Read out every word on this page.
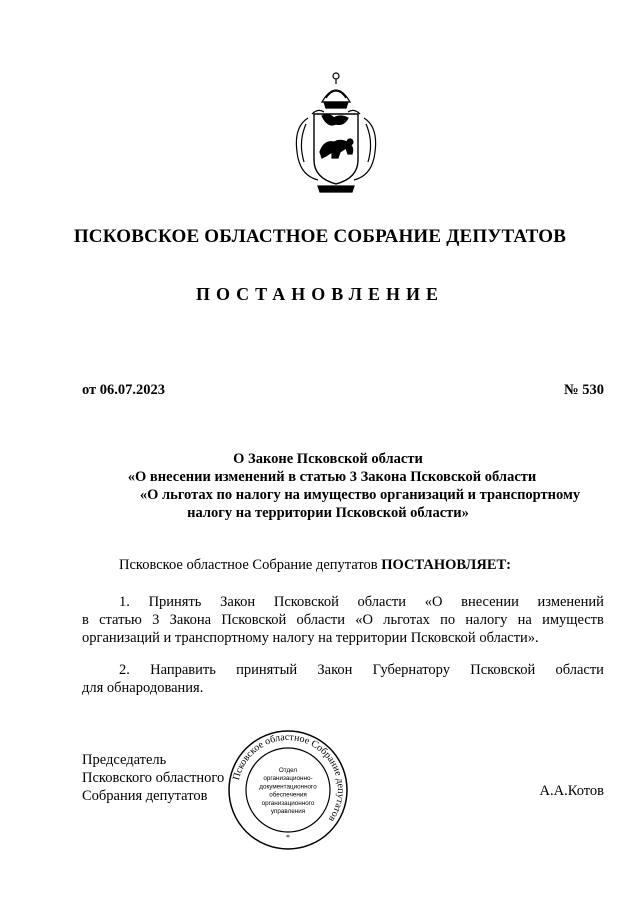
ПСКОВСКОЕ ОБЛАСТНОЕ СОБРАНИЕ ДЕПУТАТОВ
ПОСТАНОВЛЕНИЕ
от 06.07.2023	№ 530
О Законе Псковской области
«О внесении изменений в статью 3 Закона Псковской области
«О льготах по налогу на имущество организаций и транспортному
налогу на территории Псковской области»
Псковское областное Собрание депутатов ПОСТАНОВЛЯЕТ:
1. Принять Закон Псковской области «О внесении изменений
в статью 3 Закона Псковской области «О льготах по налогу на имуществ
организаций и транспортному налогу на территории Псковской области».
2. Направить принятый Закон Губернатору Псковской области
для обнародования.
Председатель
Псковского областного
Собрания депутатов	А.А.Котов
Псковское областное Собрание депутатов
Отдел
организационно-
документационного
обеспечения
организационного
управления
*
